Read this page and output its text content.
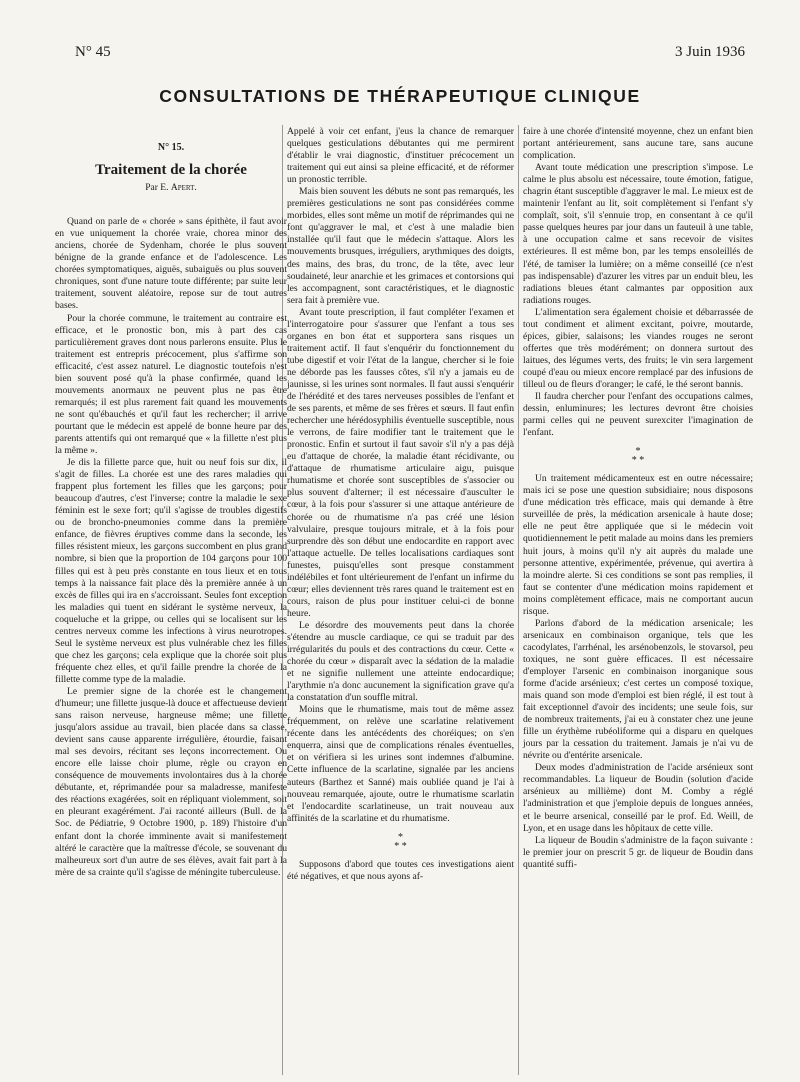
N° 45	3 Juin 1936
CONSULTATIONS DE THÉRAPEUTIQUE CLINIQUE
N° 15.
Traitement de la chorée
Par E. Apert.

Quand on parle de « chorée » sans épithète, il faut avoir en vue uniquement la chorée vraie, chorea minor des anciens, chorée de Sydenham, chorée le plus souvent bénigne de la grande enfance et de l'adolescence. Les chorées symptomatiques, aiguës, subaiguës ou plus souvent chroniques, sont d'une nature toute différente; par suite leur traitement, souvent aléatoire, repose sur de tout autres bases.

Pour la chorée commune, le traitement au contraire est efficace, et le pronostic bon, mis à part des cas particulièrement graves dont nous parlerons ensuite. Plus le traitement est entrepris précocement, plus s'affirme son efficacité, c'est assez naturel. Le diagnostic toutefois n'est bien souvent posé qu'à la phase confirmée, quand les mouvements anormaux ne peuvent plus ne pas être remarqués; il est plus rarement fait quand les mouvements ne sont qu'ébauchés et qu'il faut les rechercher; il arrive pourtant que le médecin est appelé de bonne heure par des parents attentifs qui ont remarqué que « la fillette n'est plus la même ».

Je dis la fillette parce que, huit ou neuf fois sur dix, il s'agit de filles. La chorée est une des rares maladies qui frappent plus fortement les filles que les garçons; pour beaucoup d'autres, c'est l'inverse; contre la maladie le sexe féminin est le sexe fort; qu'il s'agisse de troubles digestifs ou de broncho-pneumonies comme dans la première enfance, de fièvres éruptives comme dans la seconde, les filles résistent mieux, les garçons succombent en plus grand nombre, si bien que la proportion de 104 garçons pour 100 filles qui est à peu près constante en tous lieux et en tous temps à la naissance fait place dès la première année à un excès de filles qui ira en s'accroissant. Seules font exception les maladies qui tuent en sidérant le système nerveux, la coqueluche et la grippe, ou celles qui se localisent sur les centres nerveux comme les infections à virus neurotropes. Seul le système nerveux est plus vulnérable chez les filles que chez les garçons; cela explique que la chorée soit plus fréquente chez elles, et qu'il faille prendre la chorée de la fillette comme type de la maladie.

Le premier signe de la chorée est le changement d'humeur; une fillette jusque-là douce et affectueuse devient sans raison nerveuse, hargneuse même; une fillette jusqu'alors assidue au travail, bien placée dans sa classe, devient sans cause apparente irrégulière, étourdie, faisant mal ses devoirs, récitant ses leçons incorrectement. Ou encore elle laisse choir plume, règle ou crayon en conséquence de mouvements involontaires dus à la chorée débutante, et, réprimandée pour sa maladresse, manifeste des réactions exagérées, soit en répliquant violemment, soit en pleurant exagérément. J'ai raconté ailleurs (Bull. de la Soc. de Pédiatrie, 9 Octobre 1900, p. 189) l'histoire d'un enfant dont la chorée imminente avait si manifestement altéré le caractère que la maîtresse d'école, se souvenant du malheureux sort d'un autre de ses élèves, avait fait part à la mère de sa crainte qu'il s'agisse de méningite tuberculeuse.

Appelé à voir cet enfant, j'eus la chance de remarquer quelques gesticulations débutantes qui me permirent d'établir le vrai diagnostic, d'instituer précocement un traitement qui eut ainsi sa pleine efficacité, et de réformer un pronostic terrible.

Mais bien souvent les débuts ne sont pas remarqués, les premières gesticulations ne sont pas considérées comme morbides, elles sont même un motif de réprimandes qui ne font qu'aggraver le mal, et c'est à une maladie bien installée qu'il faut que le médecin s'attaque. Alors les mouvements brusques, irréguliers, arythmiques des doigts, des mains, des bras, du tronc, de la tête, avec leur soudaineté, leur anarchie et les grimaces et contorsions qui les accompagnent, sont caractéristiques, et le diagnostic sera fait à première vue.

Avant toute prescription, il faut compléter l'examen et l'interrogatoire pour s'assurer que l'enfant a tous ses organes en bon état et supportera sans risques un traitement actif. Il faut s'enquérir du fonctionnement du tube digestif et voir l'état de la langue, chercher si le foie ne déborde pas les fausses côtes, s'il n'y a jamais eu de jaunisse, si les urines sont normales. Il faut aussi s'enquérir de l'hérédité et des tares nerveuses possibles de l'enfant et de ses parents, et même de ses frères et sœurs. Il faut enfin rechercher une hérédosyphilis éventuelle susceptible, nous le verrons, de faire modifier tant le traitement que le pronostic. Enfin et surtout il faut savoir s'il n'y a pas déjà eu d'attaque de chorée, la maladie étant récidivante, ou d'attaque de rhumatisme articulaire aigu, puisque rhumatisme et chorée sont susceptibles de s'associer ou plus souvent d'alterner; il est nécessaire d'ausculter le cœur, à la fois pour s'assurer si une attaque antérieure de chorée ou de rhumatisme n'a pas créé une lésion valvulaire, presque toujours mitrale, et à la fois pour surprendre dès son début une endocardite en rapport avec l'attaque actuelle. De telles localisations cardiaques sont funestes, puisqu'elles sont presque constamment indélébiles et font ultérieurement de l'enfant un infirme du cœur; elles deviennent très rares quand le traitement est en cours, raison de plus pour instituer celui-ci de bonne heure.

Le désordre des mouvements peut dans la chorée s'étendre au muscle cardiaque, ce qui se traduit par des irrégularités du pouls et des contractions du cœur. Cette « chorée du cœur » disparaît avec la sédation de la maladie et ne signifie nullement une atteinte endocardique; l'arythmie n'a donc aucunement la signification grave qu'a la constatation d'un souffle mitral.

Moins que le rhumatisme, mais tout de même assez fréquemment, on relève une scarlatine relativement récente dans les antécédents des choréiques; on s'en enquerra, ainsi que de complications rénales éventuelles, et on vérifiera si les urines sont indemnes d'albumine. Cette influence de la scarlatine, signalée par les anciens auteurs (Barthez et Sanné) mais oubliée quand je l'ai à nouveau remarquée, ajoute, outre le rhumatisme scarlatin et l'endocardite scarlatineuse, un trait nouveau aux affinités de la scarlatine et du rhumatisme.

*
* *

Supposons d'abord que toutes ces investigations aient été négatives, et que nous ayons af-

faire à une chorée d'intensité moyenne, chez un enfant bien portant antérieurement, sans aucune tare, sans aucune complication.

Avant toute médication une prescription s'impose. Le calme le plus absolu est nécessaire, toute émotion, fatigue, chagrin étant susceptible d'aggraver le mal. Le mieux est de maintenir l'enfant au lit, soit complètement si l'enfant s'y complaît, soit, s'il s'ennuie trop, en consentant à ce qu'il passe quelques heures par jour dans un fauteuil à une table, à une occupation calme et sans recevoir de visites extérieures. Il est même bon, par les temps ensoleillés de l'été, de tamiser la lumière; on a même conseillé (ce n'est pas indispensable) d'azurer les vitres par un enduit bleu, les radiations bleues étant calmantes par opposition aux radiations rouges.

L'alimentation sera également choisie et débarrassée de tout condiment et aliment excitant, poivre, moutarde, épices, gibier, salaisons; les viandes rouges ne seront offertes que très modérément; on donnera surtout des laitues, des légumes verts, des fruits; le vin sera largement coupé d'eau ou mieux encore remplacé par des infusions de tilleul ou de fleurs d'oranger; le café, le thé seront bannis.

Il faudra chercher pour l'enfant des occupations calmes, dessin, enluminures; les lectures devront être choisies parmi celles qui ne peuvent surexciter l'imagination de l'enfant.

*
* *

Un traitement médicamenteux est en outre nécessaire; mais ici se pose une question subsidiaire; nous disposons d'une médication très efficace, mais qui demande à être surveillée de près, la médication arsenicale à haute dose; elle ne peut être appliquée que si le médecin voit quotidiennement le petit malade au moins dans les premiers huit jours, à moins qu'il n'y ait auprès du malade une personne attentive, expérimentée, prévenue, qui avertira à la moindre alerte. Si ces conditions se sont pas remplies, il faut se contenter d'une médication moins rapidement et moins complètement efficace, mais ne comportant aucun risque.

Parlons d'abord de la médication arsenicale; les arsenicaux en combinaison organique, tels que les cacodylates, l'arrhénal, les arsénobenzols, le stovarsol, peu toxiques, ne sont guère efficaces. Il est nécessaire d'employer l'arsenic en combinaison inorganique sous forme d'acide arsénieux; c'est certes un composé toxique, mais quand son mode d'emploi est bien réglé, il est tout à fait exceptionnel d'avoir des incidents; une seule fois, sur de nombreux traitements, j'ai eu à constater chez une jeune fille un érythème rubéoliforme qui a disparu en quelques jours par la cessation du traitement. Jamais je n'ai vu de névrite ou d'entérite arsenicale.

Deux modes d'administration de l'acide arsénieux sont recommandables. La liqueur de Boudin (solution d'acide arsénieux au millième) dont M. Comby a réglé l'administration et que j'emploie depuis de longues années, et le beurre arsenical, conseillé par le prof. Ed. Weill, de Lyon, et en usage dans les hôpitaux de cette ville.

La liqueur de Boudin s'administre de la façon suivante : le premier jour on prescrit 5 gr. de liqueur de Boudin dans quantité suffi-
